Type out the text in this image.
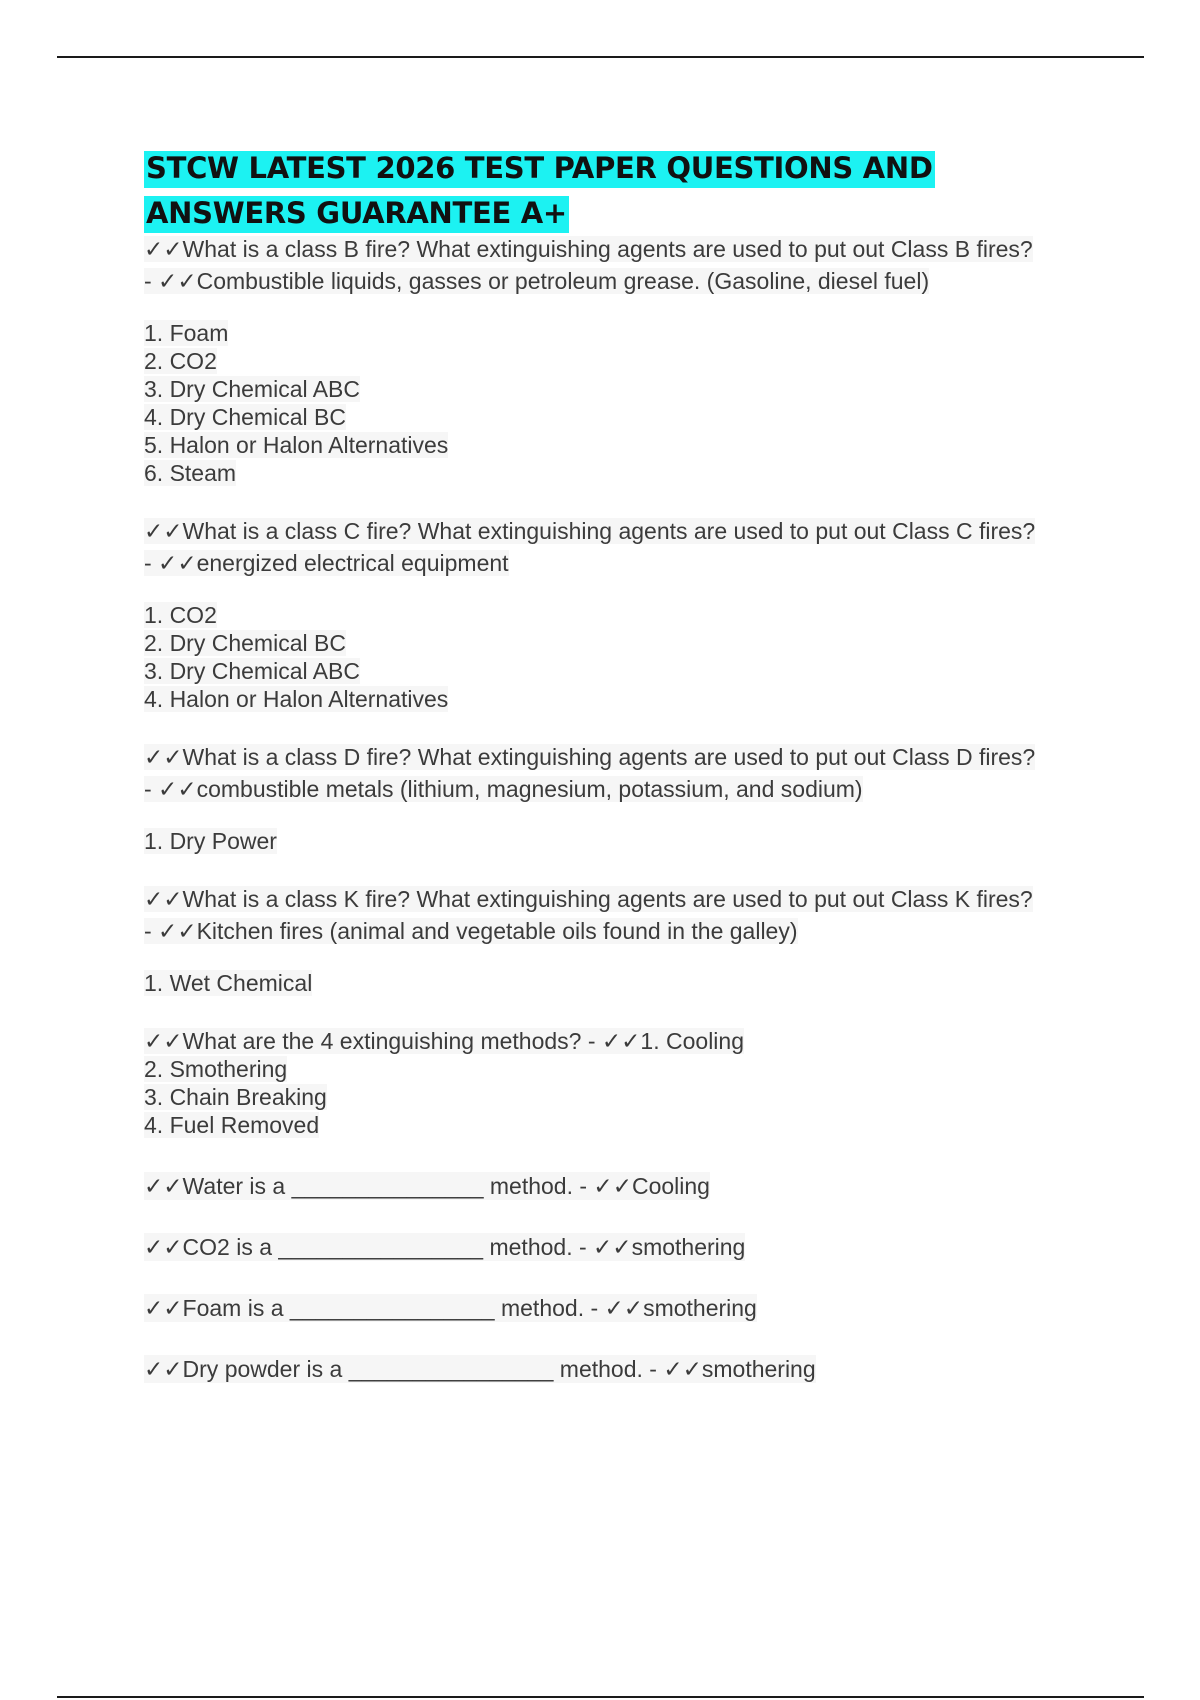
STCW LATEST 2026 TEST PAPER QUESTIONS AND
ANSWERS GUARANTEE A+
✓✓What is a class B fire? What extinguishing agents are used to put out Class B fires?
- ✓✓Combustible liquids, gasses or petroleum grease. (Gasoline, diesel fuel)
1. Foam
2. CO2
3. Dry Chemical ABC
4. Dry Chemical BC
5. Halon or Halon Alternatives
6. Steam
✓✓What is a class C fire? What extinguishing agents are used to put out Class C fires?
- ✓✓energized electrical equipment
1. CO2
2. Dry Chemical BC
3. Dry Chemical ABC
4. Halon or Halon Alternatives
✓✓What is a class D fire? What extinguishing agents are used to put out Class D fires?
- ✓✓combustible metals (lithium, magnesium, potassium, and sodium)
1. Dry Power
✓✓What is a class K fire? What extinguishing agents are used to put out Class K fires?
- ✓✓Kitchen fires (animal and vegetable oils found in the galley)
1. Wet Chemical
✓✓What are the 4 extinguishing methods? - ✓✓1. Cooling
2. Smothering
3. Chain Breaking
4. Fuel Removed
✓✓Water is a _______________ method. - ✓✓Cooling
✓✓CO2 is a ________________ method. - ✓✓smothering
✓✓Foam is a ________________ method. - ✓✓smothering
✓✓Dry powder is a ________________ method. - ✓✓smothering
